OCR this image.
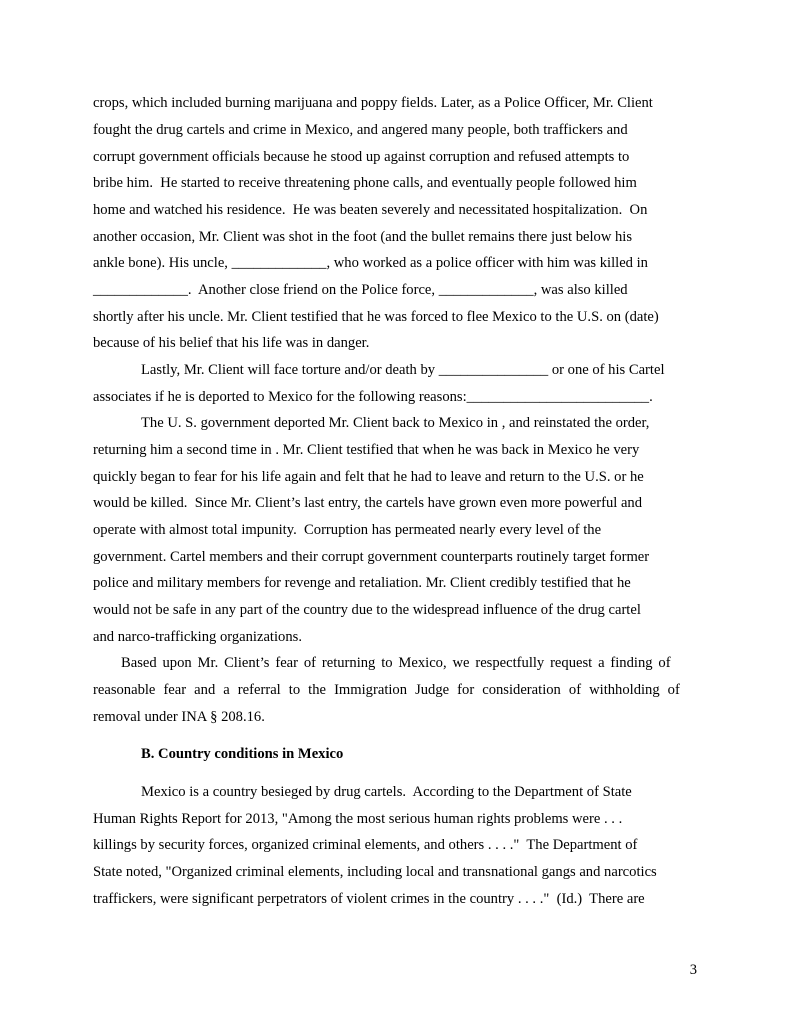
crops, which included burning marijuana and poppy fields. Later, as a Police Officer, Mr. Client
fought the drug cartels and crime in Mexico, and angered many people, both traffickers and
corrupt government officials because he stood up against corruption and refused attempts to
bribe him.  He started to receive threatening phone calls, and eventually people followed him
home and watched his residence.  He was beaten severely and necessitated hospitalization.  On
another occasion, Mr. Client was shot in the foot (and the bullet remains there just below his
ankle bone). His uncle, _____________, who worked as a police officer with him was killed in
_____________.  Another close friend on the Police force, _____________, was also killed
shortly after his uncle. Mr. Client testified that he was forced to flee Mexico to the U.S. on (date)
because of his belief that his life was in danger.
Lastly, Mr. Client will face torture and/or death by _______________ or one of his Cartel
associates if he is deported to Mexico for the following reasons:_________________________.
The U. S. government deported Mr. Client back to Mexico in , and reinstated the order,
returning him a second time in . Mr. Client testified that when he was back in Mexico he very
quickly began to fear for his life again and felt that he had to leave and return to the U.S. or he
would be killed.  Since Mr. Client’s last entry, the cartels have grown even more powerful and
operate with almost total impunity.  Corruption has permeated nearly every level of the
government. Cartel members and their corrupt government counterparts routinely target former
police and military members for revenge and retaliation. Mr. Client credibly testified that he
would not be safe in any part of the country due to the widespread influence of the drug cartel
and narco-trafficking organizations.
Based upon Mr. Client’s fear of returning to Mexico, we respectfully request a finding of
reasonable fear and a referral to the Immigration Judge for consideration of withholding of
removal under INA § 208.16.
B. Country conditions in Mexico
Mexico is a country besieged by drug cartels.  According to the Department of State
Human Rights Report for 2013, "Among the most serious human rights problems were . . .
killings by security forces, organized criminal elements, and others . . . ."  The Department of
State noted, "Organized criminal elements, including local and transnational gangs and narcotics
traffickers, were significant perpetrators of violent crimes in the country . . . ."  (Id.)  There are
3
